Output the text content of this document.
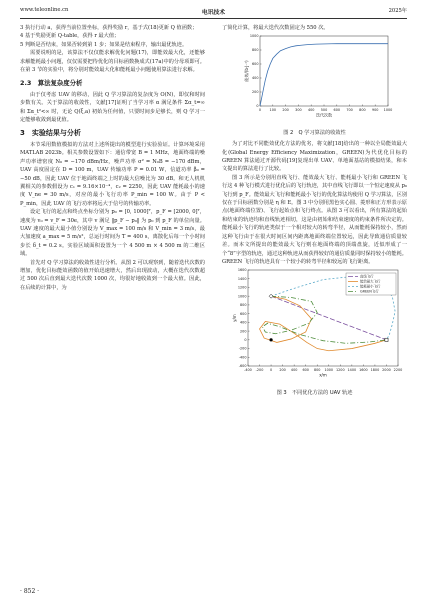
www.teleonline.cn	电讯技术	2025年

3 执行行动 a，获得当前位置坐标，获得奖励 r，基于式(18)更新 Q 值函数；

4 基于奖励更新 Q-table，获得 r 最大值；

5 判断是否结束，如果否转到第 1 步；如果是结束程序，输出最优轨迹。

需要说明的是，该算法不仅仅能求解优化问题(17)，即能效最大化，还能够求解能耗最小问题，仅仅需要把待优化的目标函数换成式(17a)中的分母项即可。在第 3 节的实验中，将分别对能效最大化和能耗最小问题使用算法进行求解。

2.3　算法复杂度分析

由于仅考虑 UAV 的移动，因此 Q 学习算法的复杂度为 O(N)，即仅和时间步数有关。关于算法的收敛性，文献[17]证明了当学习率 α 满足条件 Σα_t=∞ 和 Σα_t²<∞ 时，无论 Q(ξ,a) 初始为任何值，只要时间步足够长，则 Q 学习一定能够收敛到最优值。

3　实验结果与分析

本节采用数值模拟的方法对上述所提出的模型进行实验验证。计算环境采用 MATLAB 2023b。相关参数设置如下：通信带宽 B = 1 MHz，地面终端的噪声功率谱密度 N₀ = −170 dBm/Hz，噪声功率 σ² = N₀B = −170 dBm，UAV 高度固定在 D = 100 m，UAV 传输功率 P = 0.01 W，信道功率 β₀ = −50 dB，因此 UAV 位于地面终端之上时的最大信噪比为 30 dB。和无人机机翼相关的参数假设为 c₁ = 9.16×10⁻⁴，c₂ = 2250，因此 UAV 能耗最小的速度 V_ne = 30 m/s，对应的最小飞行功率 P_min = 100 W。由于 P < P_min，因此 UAV 的飞行功率将远大于信号的传输功率。

设定飞行的起点和终点坐标分别为 p₀ = [0, 1000]ᵀ，p_F = [2000, 0]ᵀ，速度为 v₀ = v_F = 30e，其中 v 满足 ‖p_F − p₀‖ 为 p₀ 到 p_F 的单位向量。UAV 速度的最大最小值分别设为 V_max = 100 m/s 和 V_min = 3 m/s，最大加速度 a_max = 5 m/s²，总运行时间为 T = 400 s，离散化后每一个小时间步长 δ_t = 0.2 s。实验区域面积设置为一个 4 500 m × 4 500 m 的二维区域。

首先对 Q 学习算法的收敛性进行分析。从图 2 可以观察到，随着迭代次数的增加，优化目标能效函数的值开始迅速增大，然后出现波动，大概在迭代次数超过 500 次后直到最大迭代次数 1000 次，均很好地收敛到一个最大值。因此，在后续的计算中，为

了简化计算，将最大迭代次数固定为 550 次。

0 100 200 300 400 500 600 700 800 900 1000
0
200
400
600
800
1000
迭代次数
能效/(b·J⁻¹)
图 2　Q 学习算法的收敛性

为了对比不同能效优化方法的优劣，将文献[18]给出的一种以全局能效最大化(Global Energy Efficiency Maximization，GREEN)为代优化目标的 GREEN 算法通过开源代码[19]复现出单 UAV、单地面基站的模拟结果，和本文提出的算法进行了比较。

图 3 所示是分别用直线飞行、能效最大飞行、能耗最小飞行和 GREEN 飞行这 4 种飞行模式进行优化后的飞行轨迹，其中直线飞行即以一个恒定速度从 p₀ 飞行到 p_F。能效最大飞行和能耗最小飞行的优化算法均使用 Q 学习算法，区别仅在于目标函数分别是 η 和 E。图 3 中分别用黑色实心圆、菱形和正方形表示原点(地面终端位置)、飞行起始点和飞行终点。从图 3 可以看出，所有算法的起始和结束的轨迹均和直线轨迹相切，这是由初始和结束速度的约束条件所决定的。能耗最小飞行的轨迹类似于一个相对较大的转弯半径，从而能耗保持较小，然而这种飞行由于在很大时间区间内距离地面终端位置较远，因此导致通信质量较差。而本文所提出的能效最大飞行则在地面终端的顶端盘旋，近似形成了一个“8”字型的轨迹，通过这种轨迹从而获得较好的通信质量同时保持较小的能耗。GREEN 飞行的轨迹具有一个较小的转弯半径和较远的飞行距离。

-400 -200 0 200 400 600 800 1000 1200 1400 1600 1800 2000 2200
-600
-400
-200
0
200
400
600
800
1000
1200
1400
1600
x/m
y/m
直线飞行
能效最大飞行
能耗最小飞行
GREEN飞行
图 3　不同优化方法的 UAV 轨迹
· 852 ·
